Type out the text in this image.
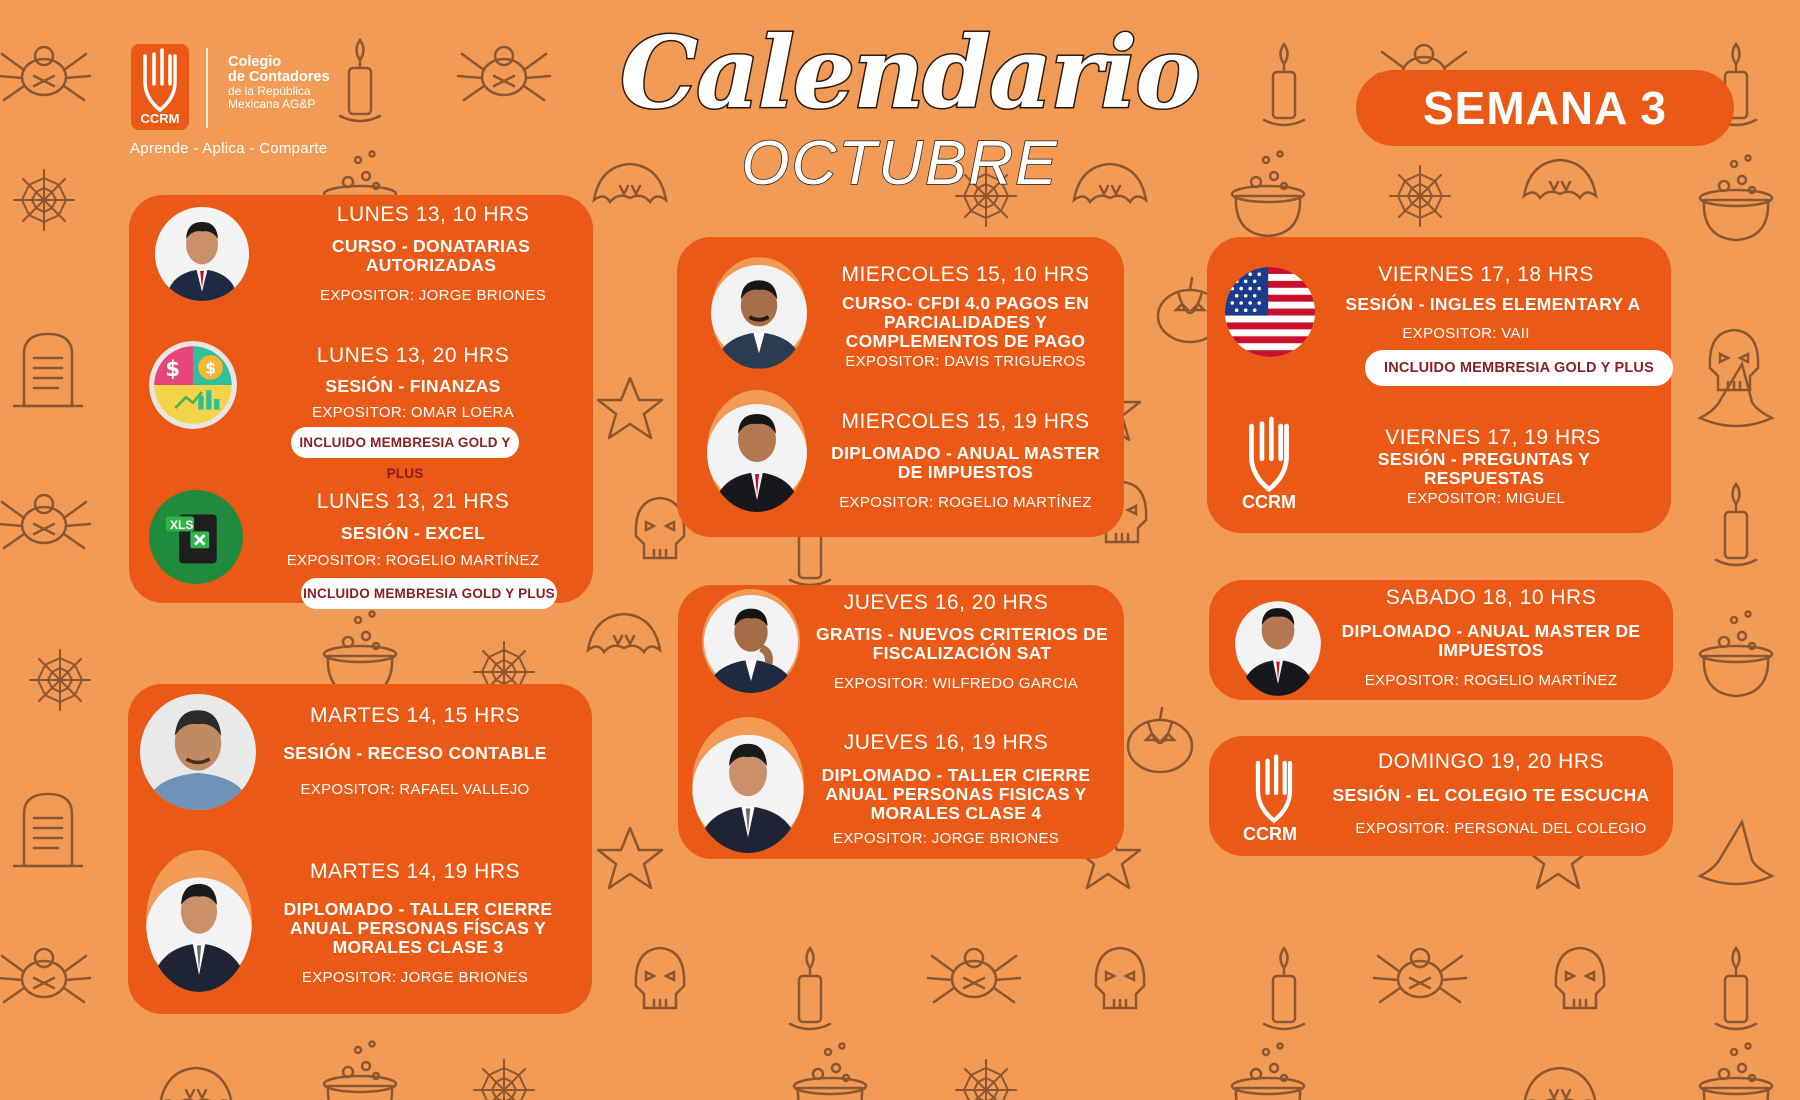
CCRM
Colegio
de Contadores
de la República
Mexicana AG&P
Aprende - Aplica - Comparte
Calendario
OCTUBRE
SEMANA 3
LUNES 13, 10 HRS
CURSO - DONATARIAS AUTORIZADAS
EXPOSITOR: JORGE BRIONES
$ $
LUNES 13, 20 HRS
SESIÓN - FINANZAS
EXPOSITOR: OMAR LOERA
INCLUIDO MEMBRESIA GOLD Y PLUS
XLS
LUNES 13, 21 HRS
SESIÓN - EXCEL
EXPOSITOR: ROGELIO MARTÍNEZ
INCLUIDO MEMBRESIA GOLD Y PLUS
MARTES 14, 15 HRS
SESIÓN - RECESO CONTABLE
EXPOSITOR: RAFAEL VALLEJO
MARTES 14, 19 HRS
DIPLOMADO - TALLER CIERRE ANUAL PERSONAS FÍSCAS Y MORALES CLASE 3
EXPOSITOR: JORGE BRIONES
MIERCOLES 15, 10 HRS
CURSO- CFDI 4.0 PAGOS EN PARCIALIDADES Y COMPLEMENTOS DE PAGO
EXPOSITOR: DAVIS TRIGUEROS
MIERCOLES 15, 19 HRS
DIPLOMADO - ANUAL MASTER DE IMPUESTOS
EXPOSITOR: ROGELIO MARTÍNEZ
JUEVES 16, 20 HRS
GRATIS - NUEVOS CRITERIOS DE FISCALIZACIÓN SAT
EXPOSITOR: WILFREDO GARCIA
JUEVES 16, 19 HRS
DIPLOMADO - TALLER CIERRE ANUAL PERSONAS FISICAS Y MORALES CLASE 4
EXPOSITOR: JORGE BRIONES
VIERNES 17, 18 HRS
SESIÓN - INGLES ELEMENTARY A
EXPOSITOR: VAII
INCLUIDO MEMBRESIA GOLD Y PLUS
CCRM
VIERNES 17, 19 HRS
SESIÓN - PREGUNTAS Y RESPUESTAS
EXPOSITOR: MIGUEL
SABADO 18, 10 HRS
DIPLOMADO - ANUAL MASTER DE IMPUESTOS
EXPOSITOR: ROGELIO MARTÍNEZ
CCRM
DOMINGO 19, 20 HRS
SESIÓN - EL COLEGIO TE ESCUCHA
EXPOSITOR: PERSONAL DEL COLEGIO
